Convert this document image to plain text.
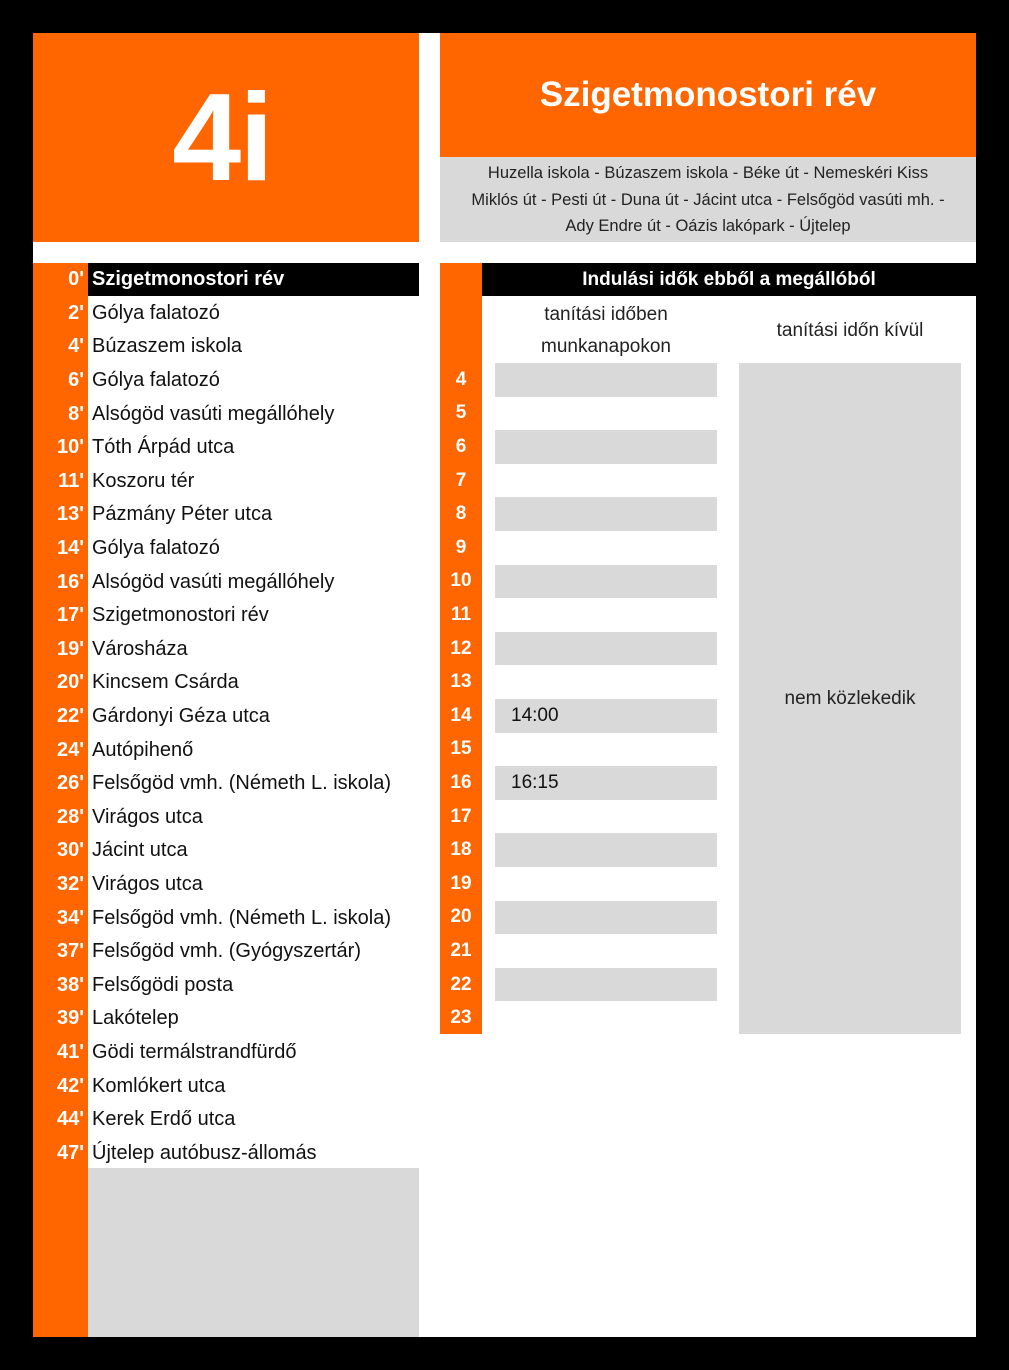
4i	Szigetmonostori rév
Huzella iskola - Búzaszem iskola - Béke út - Nemeskéri Kiss
Miklós út - Pesti út - Duna út - Jácint utca - Felsőgöd vasúti mh. -
Ady Endre út - Oázis lakópark - Újtelep
0' Szigetmonostori rév
2' Gólya falatozó
4' Búzaszem iskola
6' Gólya falatozó
8' Alsógöd vasúti megállóhely
10' Tóth Árpád utca
11' Koszoru tér
13' Pázmány Péter utca
14' Gólya falatozó
16' Alsógöd vasúti megállóhely
17' Szigetmonostori rév
19' Városháza
20' Kincsem Csárda
22' Gárdonyi Géza utca
24' Autópihenő
26' Felsőgöd vmh. (Németh L. iskola)
28' Virágos utca
30' Jácint utca
32' Virágos utca
34' Felsőgöd vmh. (Németh L. iskola)
37' Felsőgöd vmh. (Gyógyszertár)
38' Felsőgödi posta
39' Lakótelep
41' Gödi termálstrandfürdő
42' Komlókert utca
44' Kerek Erdő utca
47' Újtelep autóbusz-állomás
Indulási idők ebből a megállóból
tanítási időben
munkanapokon
tanítási időn kívül
nem közlekedik
4
5
6
7
8
9
10
11
12
13
14	14:00
15
16	16:15
17
18
19
20
21
22
23
